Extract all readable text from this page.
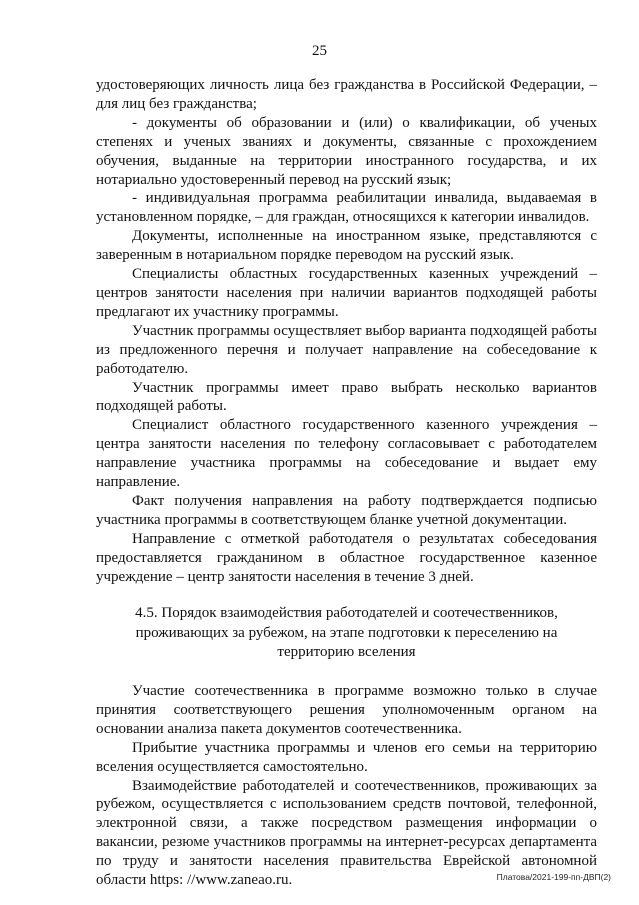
25

удостоверяющих личность лица без гражданства в Российской Федерации, – для лиц без гражданства;

- документы об образовании и (или) о квалификации, об ученых степенях и ученых званиях и документы, связанные с прохождением обучения, выданные на территории иностранного государства, и их нотариально удостоверенный перевод на русский язык;

- индивидуальная программа реабилитации инвалида, выдаваемая в установленном порядке, – для граждан, относящихся к категории инвалидов.

Документы, исполненные на иностранном языке, представляются с заверенным в нотариальном порядке переводом на русский язык.

Специалисты областных государственных казенных учреждений – центров занятости населения при наличии вариантов подходящей работы предлагают их участнику программы.

Участник программы осуществляет выбор варианта подходящей работы из предложенного перечня и получает направление на собеседование к работодателю.

Участник программы имеет право выбрать несколько вариантов подходящей работы.

Специалист областного государственного казенного учреждения – центра занятости населения по телефону согласовывает с работодателем направление участника программы на собеседование и выдает ему направление.

Факт получения направления на работу подтверждается подписью участника программы в соответствующем бланке учетной документации.

Направление с отметкой работодателя о результатах собеседования предоставляется гражданином в областное государственное казенное учреждение – центр занятости населения в течение 3 дней.

4.5. Порядок взаимодействия работодателей и соотечественников,
проживающих за рубежом, на этапе подготовки к переселению на
территорию вселения

Участие соотечественника в программе возможно только в случае принятия соответствующего решения уполномоченным органом на основании анализа пакета документов соотечественника.

Прибытие участника программы и членов его семьи на территорию вселения осуществляется самостоятельно.

Взаимодействие работодателей и соотечественников, проживающих за рубежом, осуществляется с использованием средств почтовой, телефонной, электронной связи, а также посредством размещения информации о вакансии, резюме участников программы на интернет-ресурсах департамента по труду и занятости населения правительства Еврейской автономной области https: //www.zaneao.ru.	Платова/2021-199-пп-ДВП(2)
